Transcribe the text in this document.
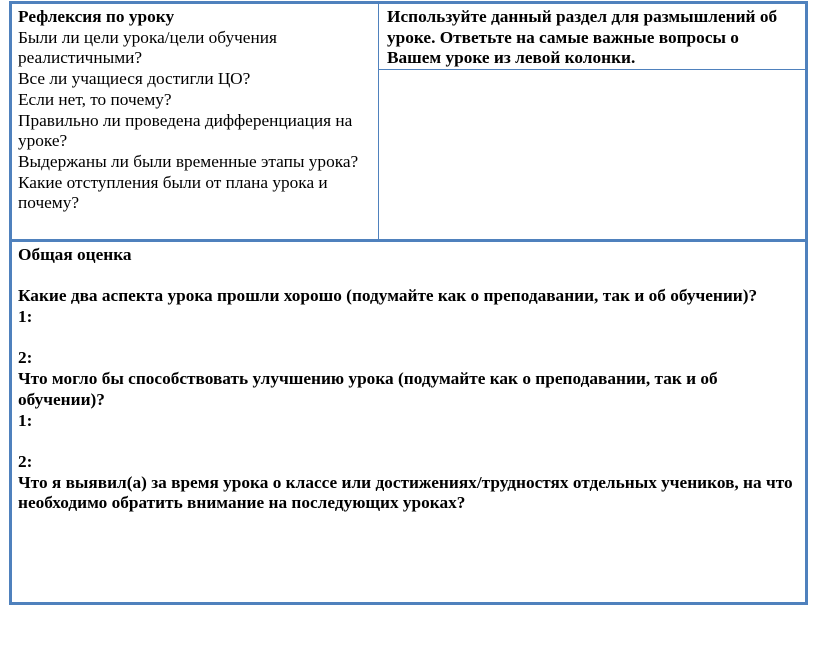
Рефлексия по уроку
Были ли цели урока/цели обучения реалистичными?
Все ли учащиеся достигли ЦО?
Если нет, то почему?
Правильно ли проведена дифференциация на уроке?
Выдержаны ли были временные этапы урока?
Какие отступления были от плана урока и почему?
Используйте данный раздел для размышлений об уроке. Ответьте на самые важные вопросы о Вашем уроке из левой колонки.
Общая оценка
Какие два аспекта урока прошли хорошо (подумайте как о преподавании, так и об обучении)?
1:
2:
Что могло бы способствовать улучшению урока (подумайте как о преподавании, так и об обучении)?
1:
2:
Что я выявил(а) за время урока о классе или достижениях/трудностях отдельных учеников, на что необходимо обратить внимание на последующих уроках?
